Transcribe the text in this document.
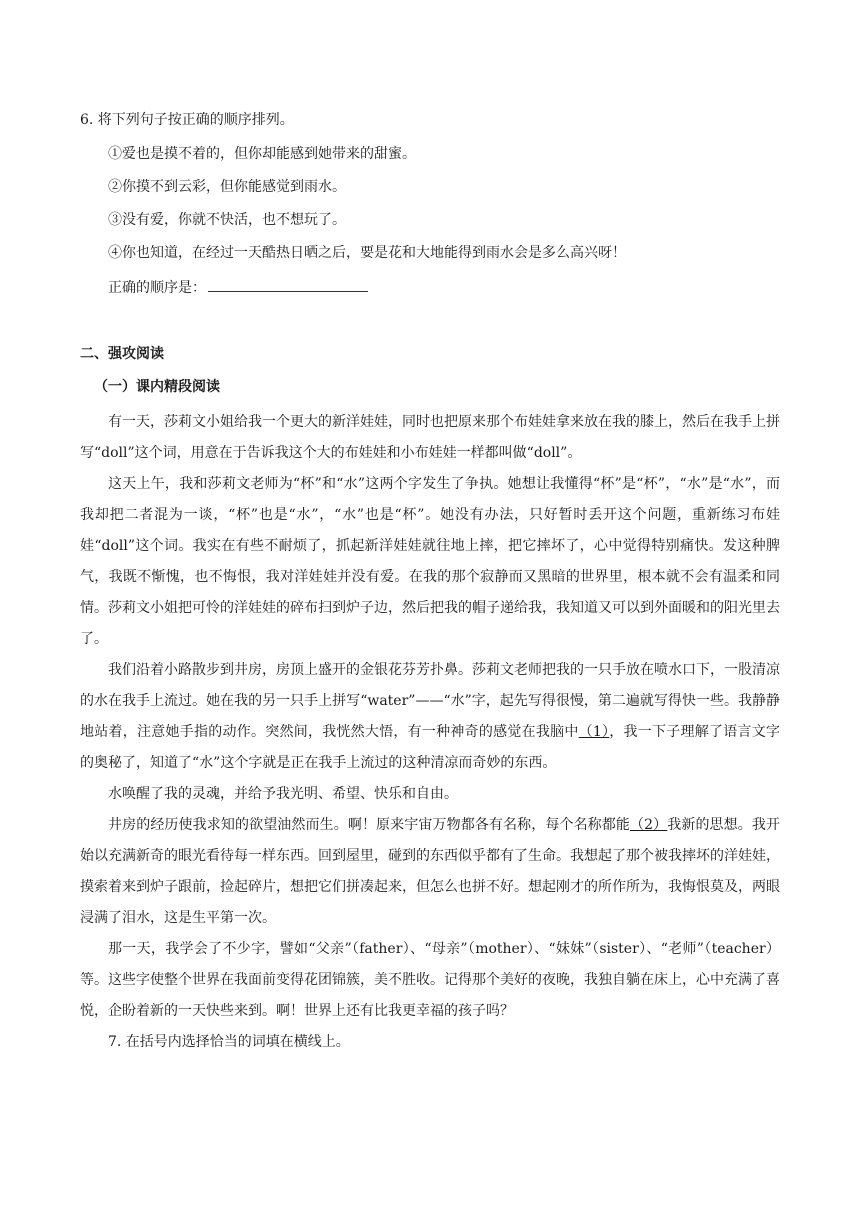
6. 将下列句子按正确的顺序排列。
①爱也是摸不着的，但你却能感到她带来的甜蜜。
②你摸不到云彩，但你能感觉到雨水。
③没有爱，你就不快活，也不想玩了。
④你也知道，在经过一天酷热日晒之后，要是花和大地能得到雨水会是多么高兴呀！
正确的顺序是：
二、强攻阅读
（一）课内精段阅读

有一天，莎莉文小姐给我一个更大的新洋娃娃，同时也把原来那个布娃娃拿来放在我的膝上，然后在我手上拼写“doll”这个词，用意在于告诉我这个大的布娃娃和小布娃娃一样都叫做“doll”。

这天上午，我和莎莉文老师为“杯”和“水”这两个字发生了争执。她想让我懂得“杯”是“杯”，“水”是“水”，而我却把二者混为一谈，“杯”也是“水”，“水”也是“杯”。她没有办法，只好暂时丢开这个问题，重新练习布娃娃“doll”这个词。我实在有些不耐烦了，抓起新洋娃娃就往地上摔，把它摔坏了，心中觉得特别痛快。发这种脾气，我既不惭愧，也不悔恨，我对洋娃娃并没有爱。在我的那个寂静而又黑暗的世界里，根本就不会有温柔和同情。莎莉文小姐把可怜的洋娃娃的碎布扫到炉子边，然后把我的帽子递给我，我知道又可以到外面暖和的阳光里去了。

我们沿着小路散步到井房，房顶上盛开的金银花芬芳扑鼻。莎莉文老师把我的一只手放在喷水口下，一股清凉的水在我手上流过。她在我的另一只手上拼写“water”——“水”字，起先写得很慢，第二遍就写得快一些。我静静地站着，注意她手指的动作。突然间，我恍然大悟，有一种神奇的感觉在我脑中（1），我一下子理解了语言文字的奥秘了，知道了“水”这个字就是正在我手上流过的这种清凉而奇妙的东西。

水唤醒了我的灵魂，并给予我光明、希望、快乐和自由。

井房的经历使我求知的欲望油然而生。啊！原来宇宙万物都各有名称，每个名称都能（2）我新的思想。我开始以充满新奇的眼光看待每一样东西。回到屋里，碰到的东西似乎都有了生命。我想起了那个被我摔坏的洋娃娃，摸索着来到炉子跟前，捡起碎片，想把它们拼凑起来，但怎么也拼不好。想起刚才的所作所为，我悔恨莫及，两眼浸满了泪水，这是生平第一次。

那一天，我学会了不少字，譬如“父亲”（father）、“母亲”（mother）、“妹妹”（sister）、“老师”（teacher）等。这些字使整个世界在我面前变得花团锦簇，美不胜收。记得那个美好的夜晚，我独自躺在床上，心中充满了喜悦，企盼着新的一天快些来到。啊！世界上还有比我更幸福的孩子吗？

7. 在括号内选择恰当的词填在横线上。
